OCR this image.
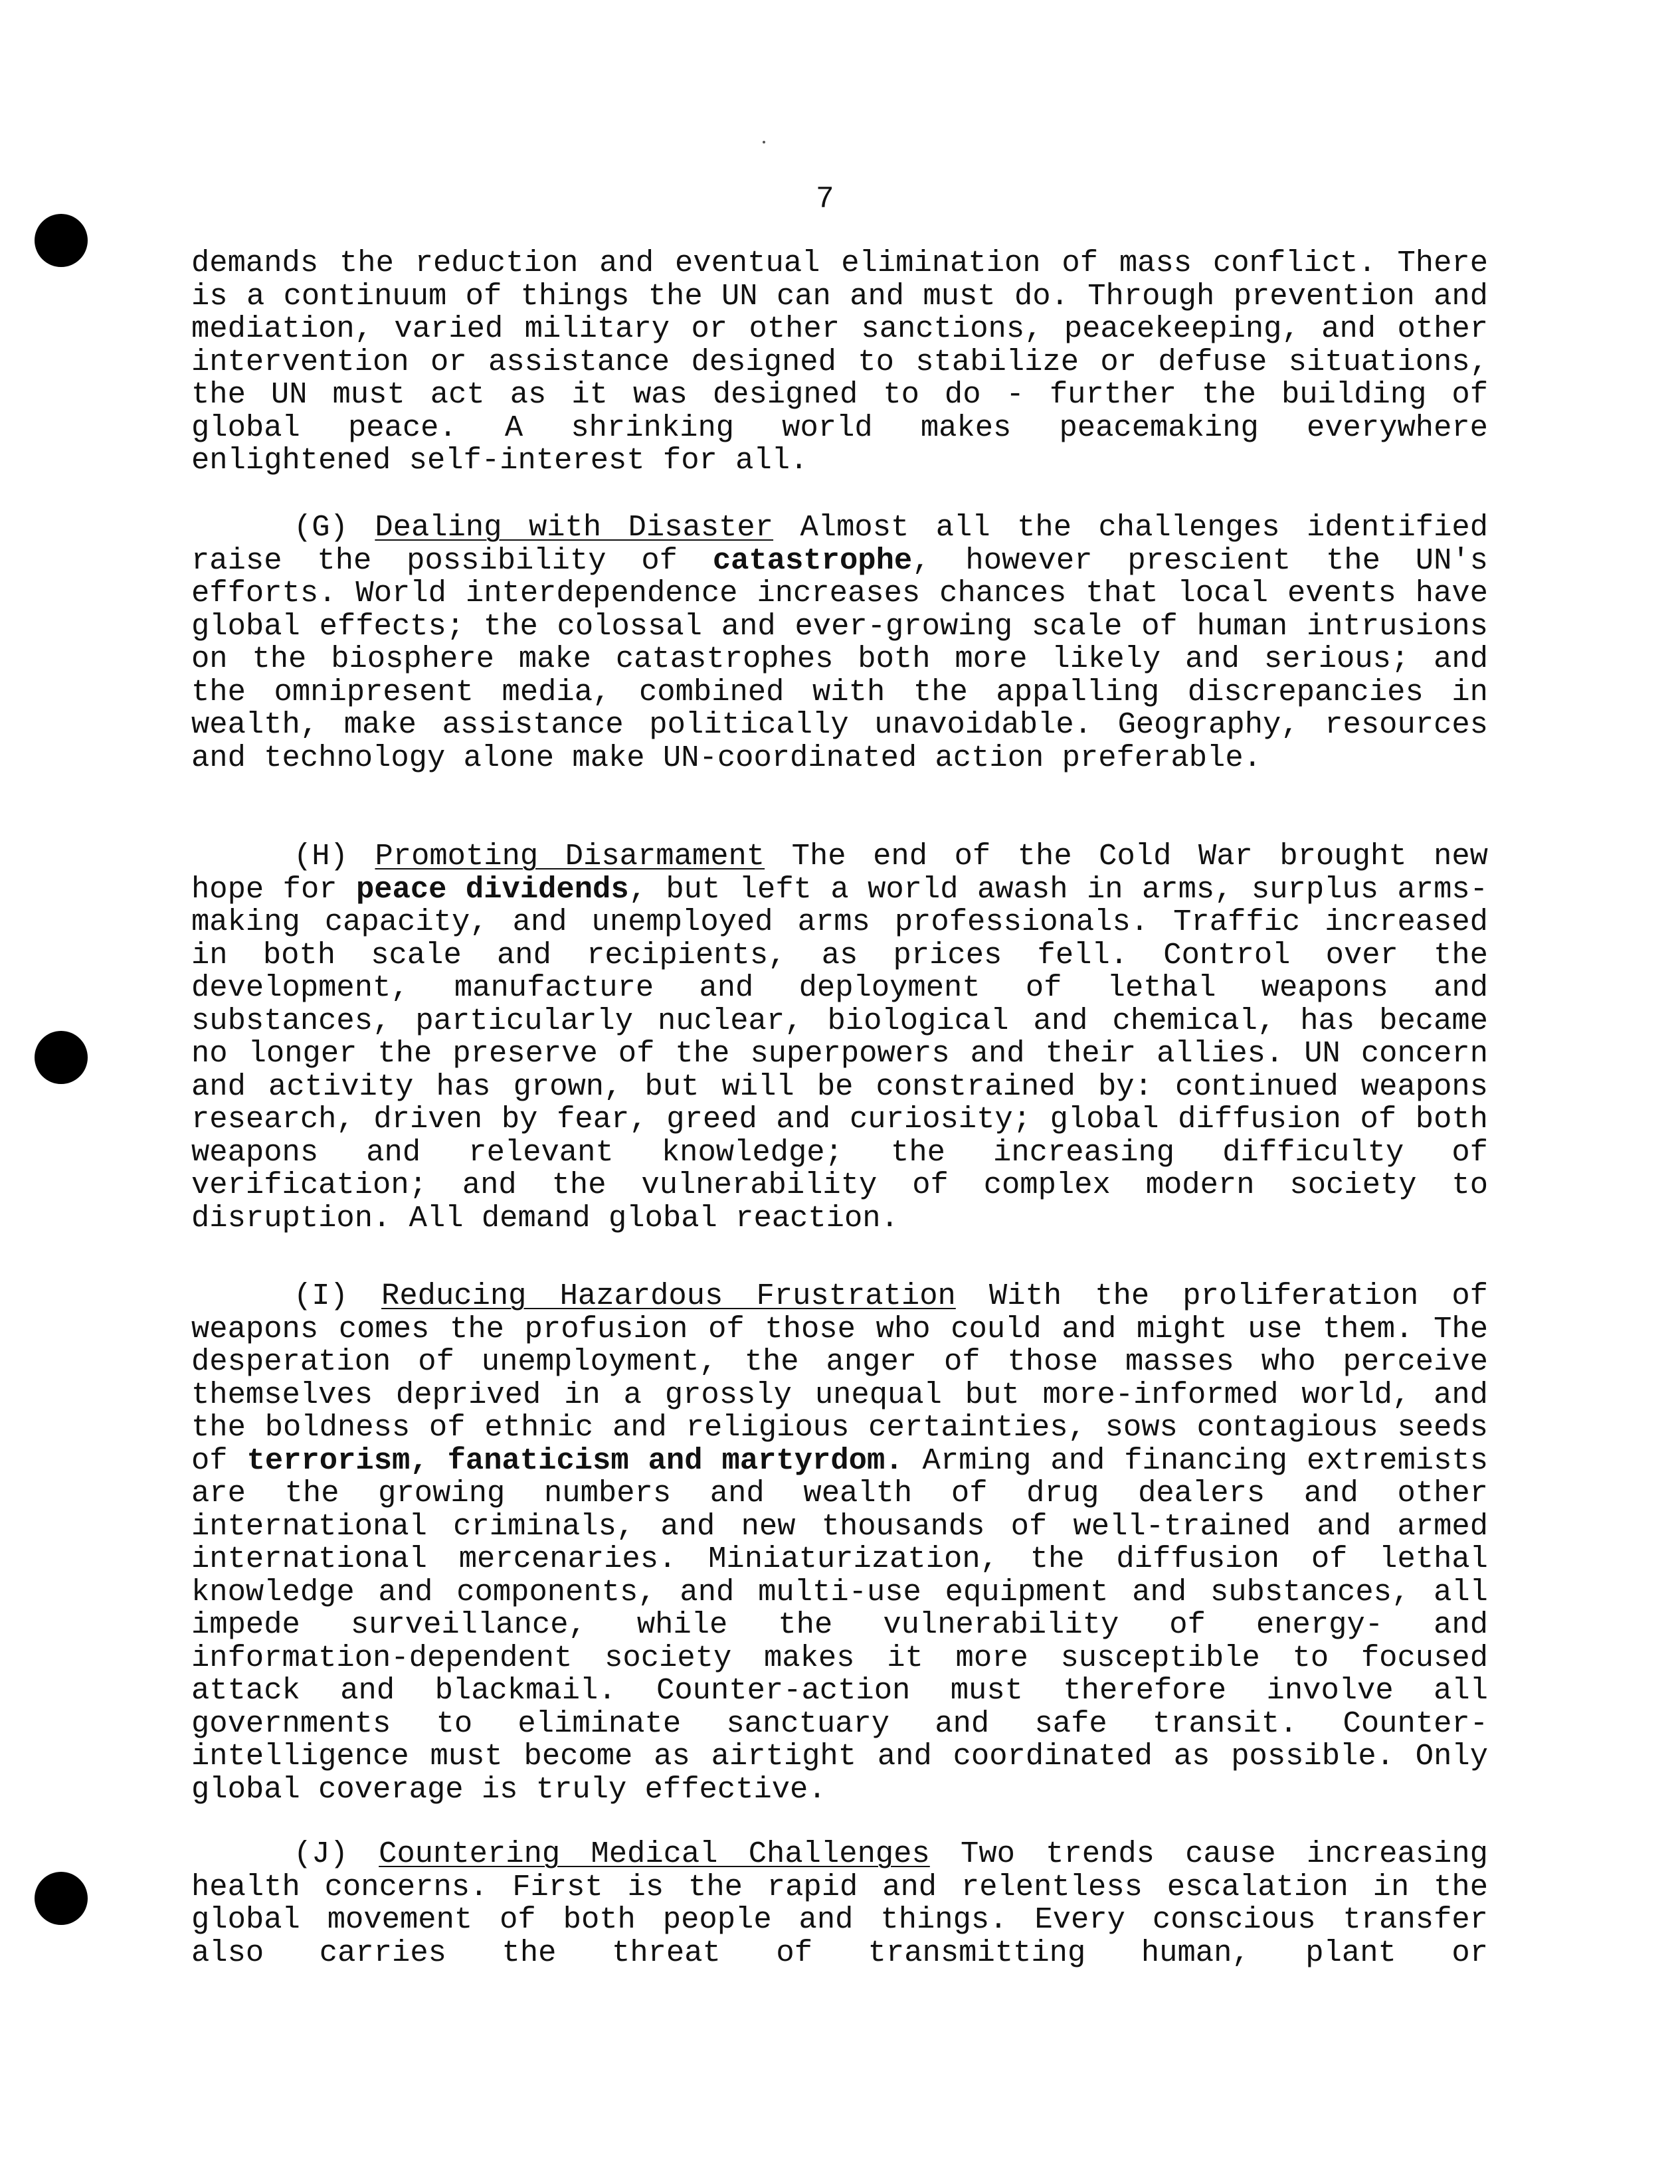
7

demands the reduction and eventual elimination of mass conflict. There is a continuum of things the UN can and must do. Through prevention and mediation, varied military or other sanctions, peacekeeping, and other intervention or assistance designed to stabilize or defuse situations, the UN must act as it was designed to do - further the building of global peace. A shrinking world makes peacemaking everywhere enlightened self-interest for all.

(G) Dealing with Disaster Almost all the challenges identified raise the possibility of catastrophe, however prescient the UN's efforts. World interdependence increases chances that local events have global effects; the colossal and ever-growing scale of human intrusions on the biosphere make catastrophes both more likely and serious; and the omnipresent media, combined with the appalling discrepancies in wealth, make assistance politically unavoidable. Geography, resources and technology alone make UN-coordinated action preferable.

(H) Promoting Disarmament The end of the Cold War brought new hope for peace dividends, but left a world awash in arms, surplus arms-making capacity, and unemployed arms professionals. Traffic increased in both scale and recipients, as prices fell. Control over the development, manufacture and deployment of lethal weapons and substances, particularly nuclear, biological and chemical, has became no longer the preserve of the superpowers and their allies. UN concern and activity has grown, but will be constrained by: continued weapons research, driven by fear, greed and curiosity; global diffusion of both weapons and relevant knowledge; the increasing difficulty of verification; and the vulnerability of complex modern society to disruption. All demand global reaction.

(I) Reducing Hazardous Frustration With the proliferation of weapons comes the profusion of those who could and might use them. The desperation of unemployment, the anger of those masses who perceive themselves deprived in a grossly unequal but more-informed world, and the boldness of ethnic and religious certainties, sows contagious seeds of terrorism, fanaticism and martyrdom. Arming and financing extremists are the growing numbers and wealth of drug dealers and other international criminals, and new thousands of well-trained and armed international mercenaries. Miniaturization, the diffusion of lethal knowledge and components, and multi-use equipment and substances, all impede surveillance, while the vulnerability of energy- and information-dependent society makes it more susceptible to focused attack and blackmail. Counter-action must therefore involve all governments to eliminate sanctuary and safe transit. Counter-intelligence must become as airtight and coordinated as possible. Only global coverage is truly effective.

(J) Countering Medical Challenges Two trends cause increasing health concerns. First is the rapid and relentless escalation in the global movement of both people and things. Every conscious transfer also carries the threat of transmitting human, plant or
